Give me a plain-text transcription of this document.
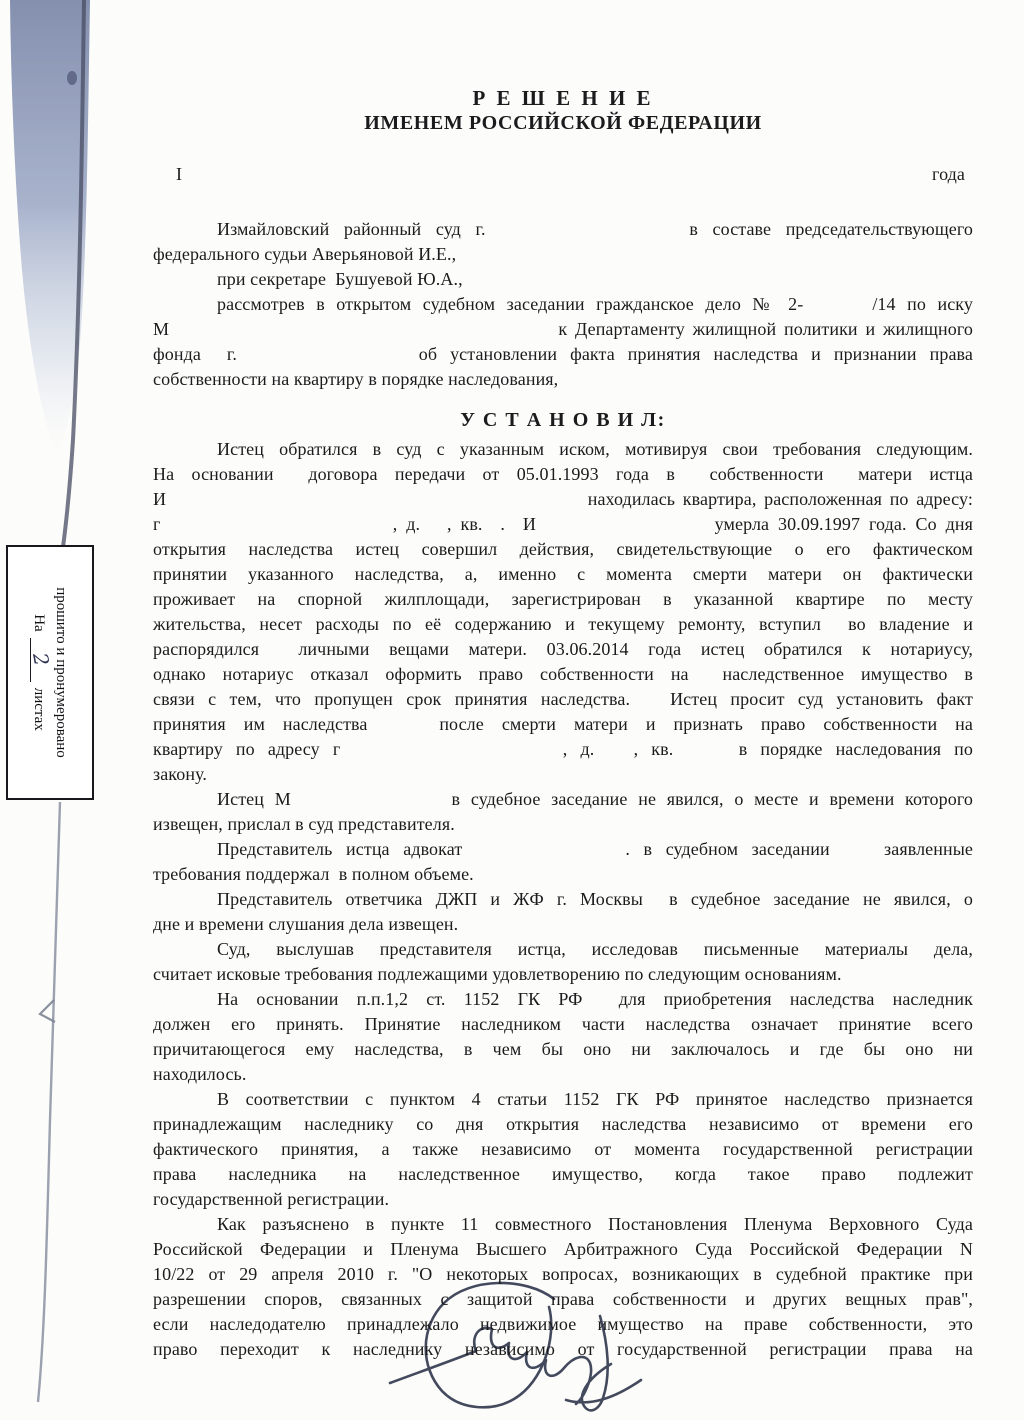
прошито и пронумеровано
На
2
листах
Р Е Ш Е Н И Е
ИМЕНЕМ РОССИЙСКОЙ ФЕДЕРАЦИИ
I	года
Измайловский районный суд г.              в составе председательствующего
федерального судьи Аверьяновой И.Е.,
при секретаре  Бушуевой Ю.А.,
рассмотрев в открытом судебном заседании гражданское дело № 2-      /14 по иску
М                                                  к Департаменту жилищной политики и жилищного
фонда  г.              об установлении факта принятия наследства и признании права
собственности на квартиру в порядке наследования,
У С Т А Н О В И Л:
Истец обратился в суд с указанным иском, мотивируя свои требования следующим.
На основании  договора передачи от 05.01.1993 года в  собственности  матери истца
И                                                       находилась квартира, расположенная по адресу:
г                          , д.   , кв.  .  И                    умерла 30.09.1997 года. Со дня
открытия наследства истец совершил действия, свидетельствующие о его фактическом
принятии указанного наследства, а, именно с момента смерти матери он фактически
проживает на спорной жилплощади, зарегистрирован в указанной квартире по месту
жительства, несет расходы по её содержанию и текущему ремонту, вступил  во владение и
распорядился  личными вещами матери. 03.06.2014 года истец обратился к нотариусу,
однако нотариус отказал оформить право собственности на  наследственное имущество в
связи с тем, что пропущен срок принятия наследства.   Истец просит суд установить факт
принятия им наследства    после смерти матери и признать право собственности на
квартиру по адресу г                 , д.   , кв.     в порядке наследования по
закону.
Истец М               в судебное заседание не явился, о месте и времени которого
извещен, прислал в суд представителя.
Представитель истца адвокат            . в судебном заседании    заявленные
требования поддержал  в полном объеме.
Представитель ответчика ДЖП и ЖФ г. Москвы  в судебное заседание не явился, о
дне и времени слушания дела извещен.
Суд, выслушав представителя истца, исследовав письменные материалы дела,
считает исковые требования подлежащими удовлетворению по следующим основаниям.
На основании п.п.1,2 ст. 1152 ГК РФ  для приобретения наследства наследник
должен его принять. Принятие наследником части наследства означает принятие всего
причитающегося ему наследства, в чем бы оно ни заключалось и где бы оно ни
находилось.
В соответствии с пунктом 4 статьи 1152 ГК РФ принятое наследство признается
принадлежащим наследнику со дня открытия наследства независимо от времени его
фактического принятия, а также независимо от момента государственной регистрации
права наследника на наследственное имущество, когда такое право подлежит
государственной регистрации.
Как разъяснено в пункте 11 совместного Постановления Пленума Верховного Суда
Российской Федерации и Пленума Высшего Арбитражного Суда Российской Федерации N
10/22 от 29 апреля 2010 г. "О некоторых вопросах, возникающих в судебной практике при
разрешении споров, связанных с защитой права собственности и других вещных прав",
если наследодателю принадлежало недвижимое имущество на праве собственности, это
право переходит к наследнику независимо от государственной регистрации права на
